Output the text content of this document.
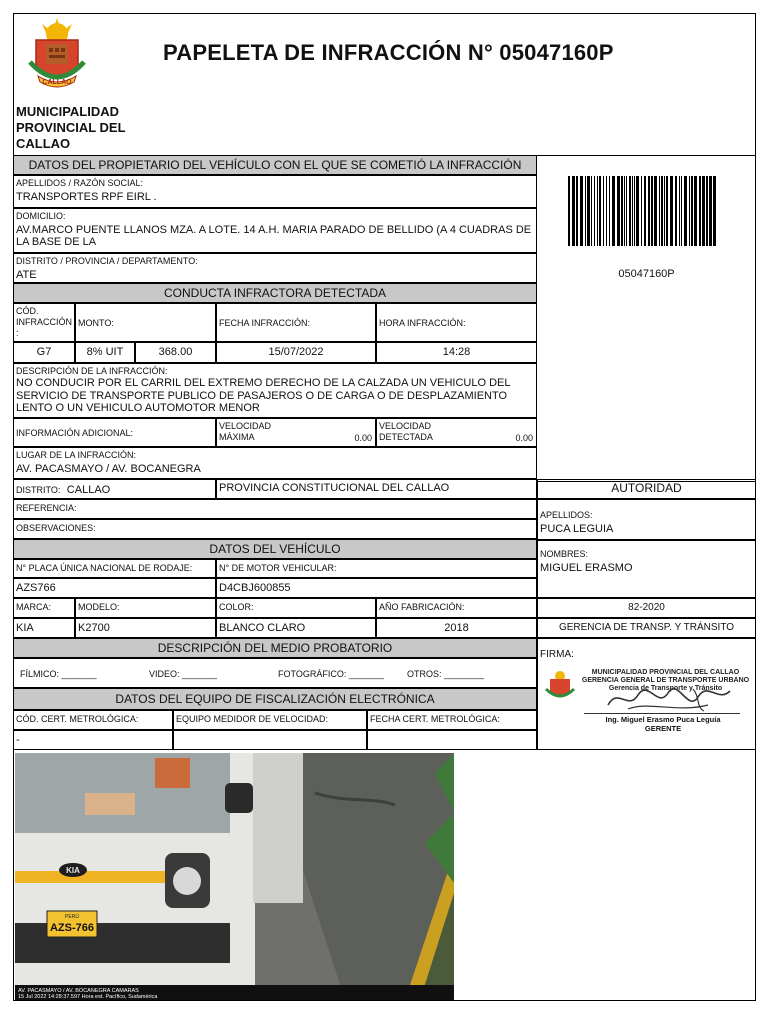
CALLAO
PAPELETA DE INFRACCIÓN N° 05047160P
MUNICIPALIDAD PROVINCIAL DEL CALLAO
DATOS DEL PROPIETARIO DEL VEHÍCULO CON EL QUE SE COMETIÓ LA INFRACCIÓN
APELLIDOS / RAZÓN SOCIAL:
TRANSPORTES RPF EIRL .
DOMICILIO:
AV.MARCO PUENTE LLANOS MZA. A LOTE. 14 A.H. MARIA PARADO DE BELLIDO (A 4 CUADRAS DE LA BASE DE LA
DISTRITO / PROVINCIA / DEPARTAMENTO:
ATE	05047160P
CONDUCTA INFRACTORA DETECTADA
CÓD. INFRACCIÓN :
MONTO:	FECHA INFRACCIÓN:	HORA INFRACCIÓN:
G7	8% UIT	368.00	15/07/2022	14:28
DESCRIPCIÓN DE LA INFRACCIÓN:
NO CONDUCIR POR EL CARRIL DEL EXTREMO DERECHO DE LA CALZADA UN VEHICULO DEL SERVICIO DE TRANSPORTE PUBLICO DE PASAJEROS O DE CARGA O DE DESPLAZAMIENTO LENTO O UN VEHICULO AUTOMOTOR MENOR
INFORMACIÓN ADICIONAL:
VELOCIDAD MÁXIMA	0.00
VELOCIDAD DETECTADA	0.00
LUGAR DE LA INFRACCIÓN:
AV. PACASMAYO / AV. BOCANEGRA
DISTRITO: CALLAO	PROVINCIA CONSTITUCIONAL DEL CALLAO
REFERENCIA:
OBSERVACIONES:
AUTORIDAD
APELLIDOS:
PUCA LEGUIA
NOMBRES:
MIGUEL ERASMO
82-2020
GERENCIA DE TRANSP. Y TRÁNSITO
FIRMA:
MUNICIPALIDAD PROVINCIAL DEL CALLAO
GERENCIA GENERAL DE TRANSPORTE URBANO
Gerencia de Transporte y Tránsito
Ing. Miguel Erasmo Puca Leguía
GERENTE
DATOS DEL VEHÍCULO
N° PLACA ÚNICA NACIONAL DE RODAJE:	N° DE MOTOR VEHICULAR:
AZS766	D4CBJ600855
MARCA:	MODELO:	COLOR:	AÑO FABRICACIÓN:
KIA	K2700	BLANCO CLARO	2018
DESCRIPCIÓN DEL MEDIO PROBATORIO
FÍLMICO: _______	VIDEO: _______	FOTOGRÁFICO: _______	OTROS: ________
DATOS DEL EQUIPO DE FISCALIZACIÓN ELECTRÓNICA
CÓD. CERT. METROLÓGICA:	EQUIPO MEDIDOR DE VELOCIDAD:	FECHA CERT. METROLÓGICA:
-
KIA
PERÚ
AZS-766
AV. PACASMAYO / AV. BOCANEGRA CAMARAS
15 Jul 2022 14:28:37.597 Hora est. Pacífico, Sudamérica
